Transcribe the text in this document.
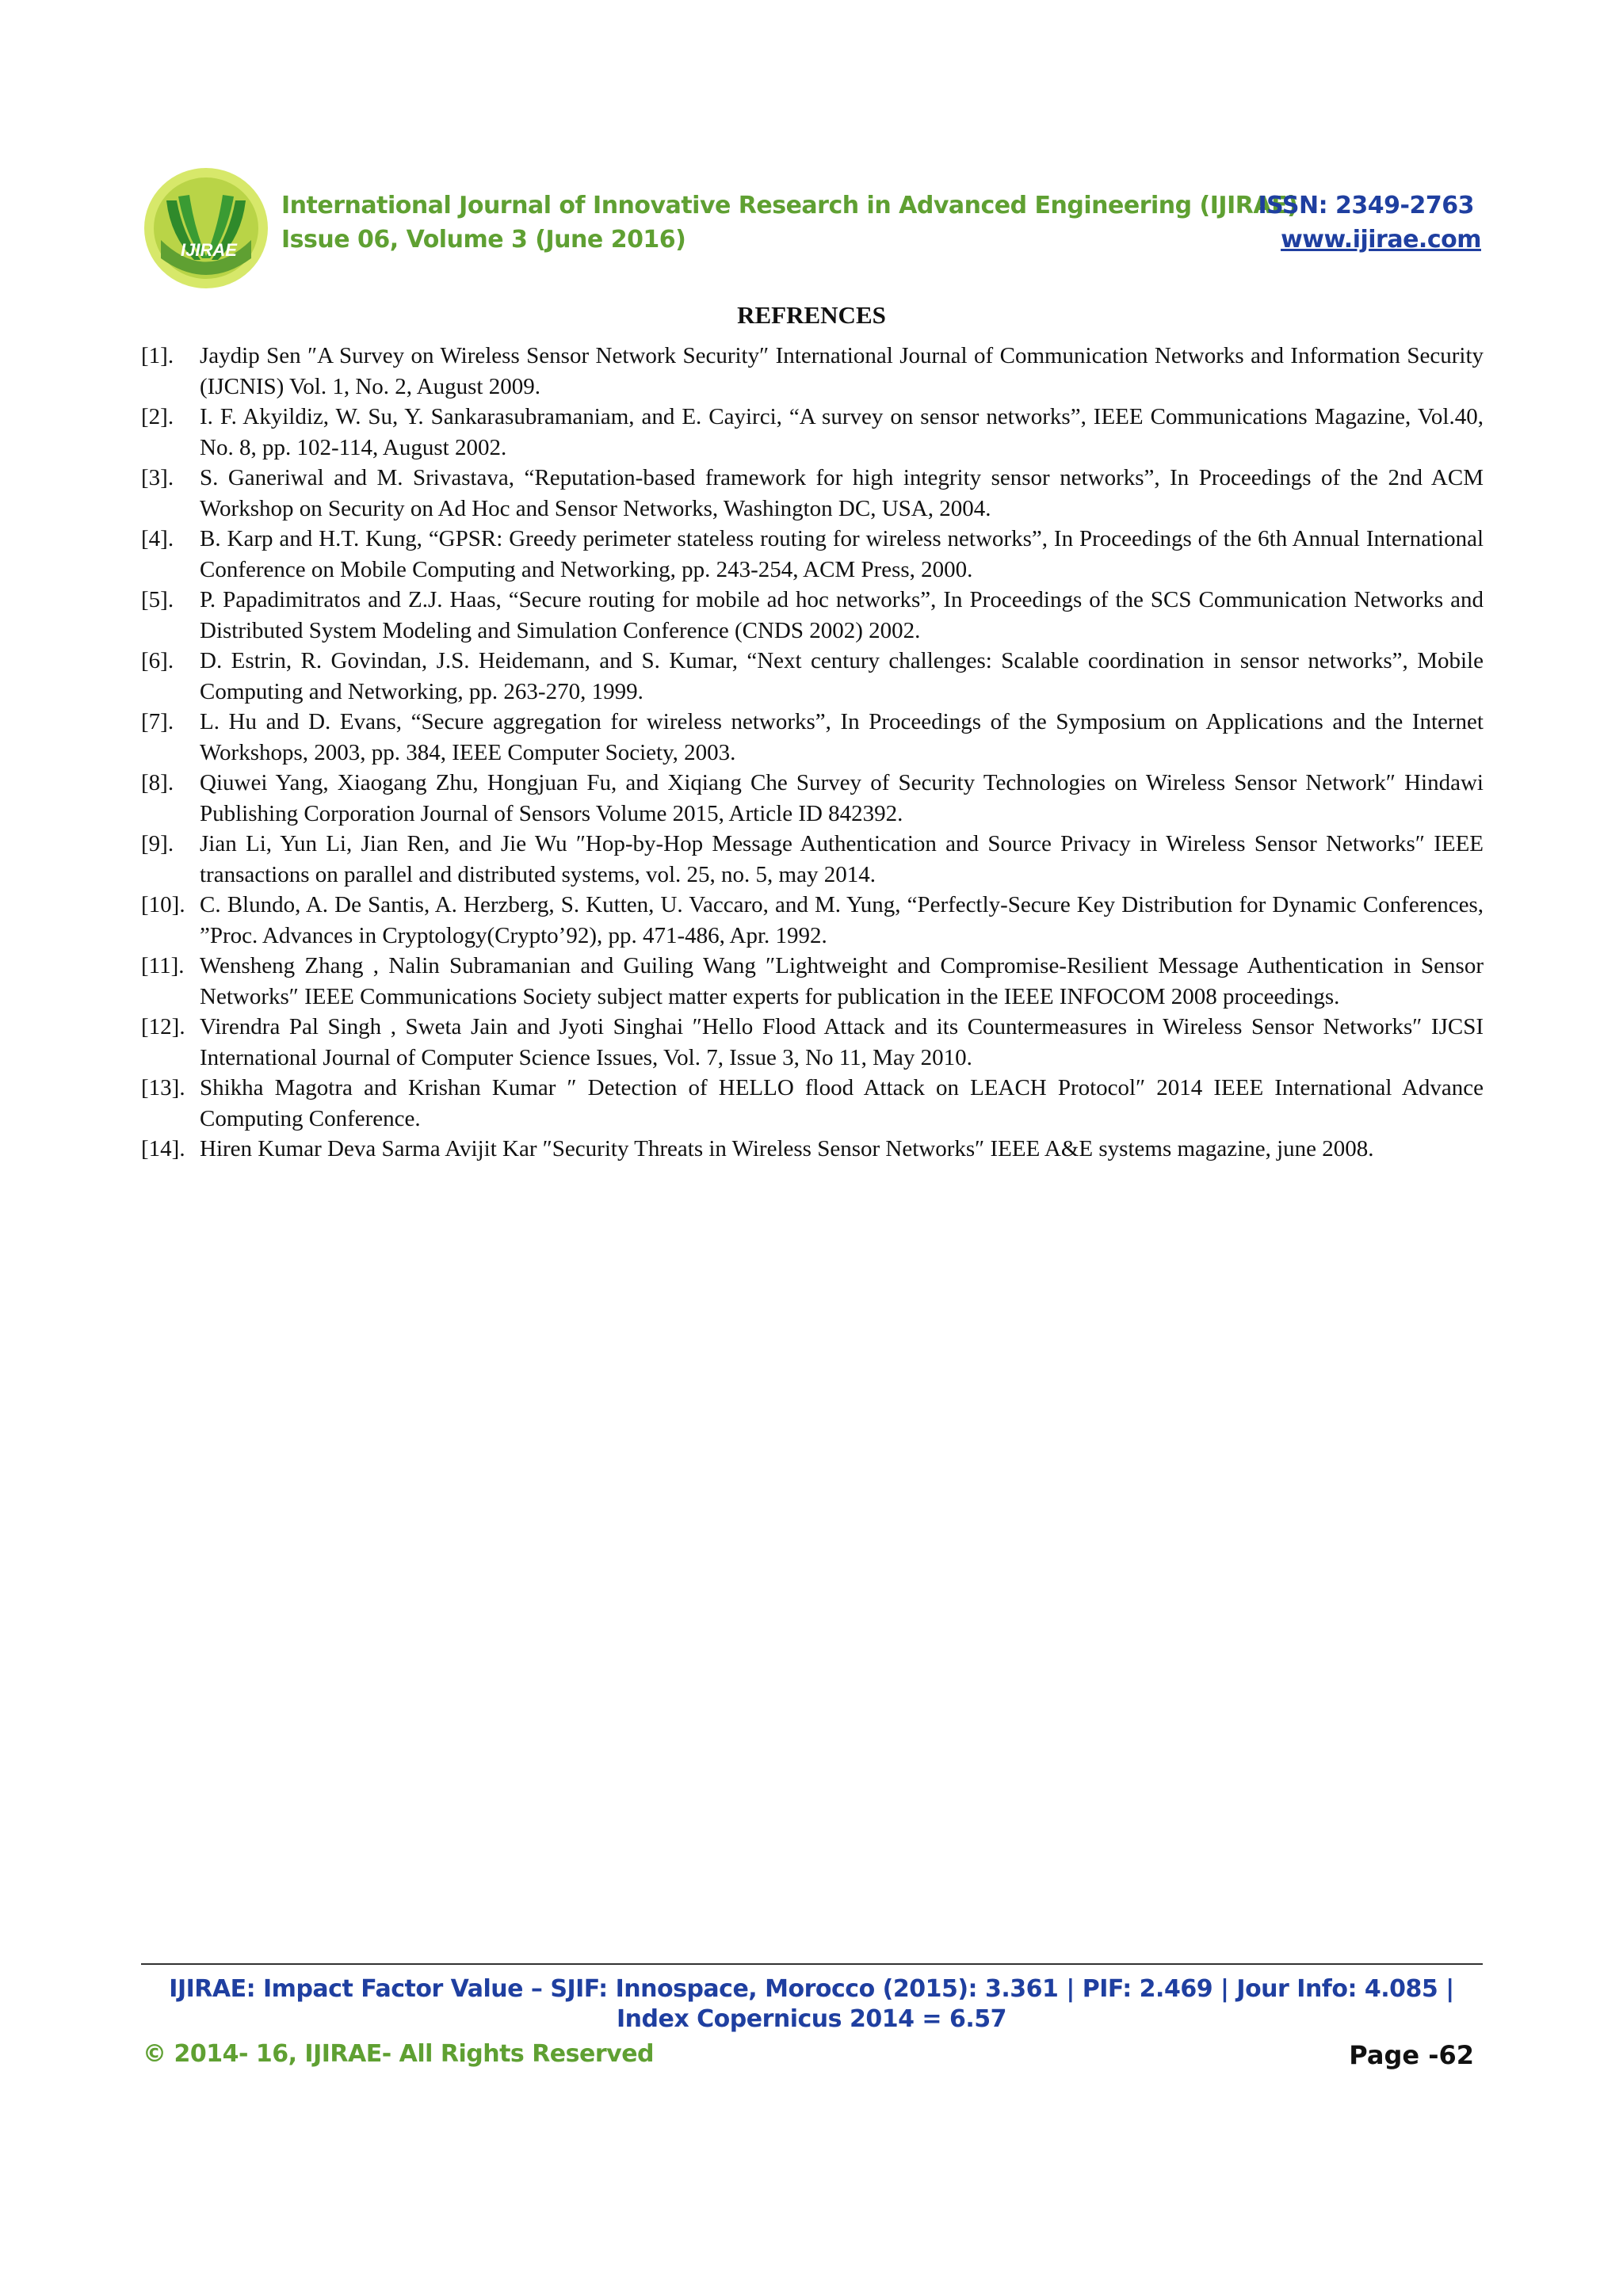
IJIRAE
International Journal of Innovative Research in Advanced Engineering (IJIRAE)
Issue 06, Volume 3 (June 2016)
ISSN: 2349-2763
www.ijirae.com
REFRENCES
[1].	Jaydip Sen ″A Survey on Wireless Sensor Network Security″ International Journal of Communication Networks and Information Security (IJCNIS) Vol. 1, No. 2, August 2009.
[2].	I. F. Akyildiz, W. Su, Y. Sankarasubramaniam, and E. Cayirci, “A survey on sensor networks”, IEEE Communications Magazine, Vol.40, No. 8, pp. 102-114, August 2002.
[3].	S. Ganeriwal and M. Srivastava, “Reputation-based framework for high integrity sensor networks”, In Proceedings of the 2nd ACM Workshop on Security on Ad Hoc and Sensor Networks, Washington DC, USA, 2004.
[4].	B. Karp and H.T. Kung, “GPSR: Greedy perimeter stateless routing for wireless networks”, In Proceedings of the 6th Annual International Conference on Mobile Computing and Networking, pp. 243-254, ACM Press, 2000.
[5].	P. Papadimitratos and Z.J. Haas, “Secure routing for mobile ad hoc networks”, In Proceedings of the SCS Communication Networks and Distributed System Modeling and Simulation Conference (CNDS 2002) 2002.
[6].	D. Estrin, R. Govindan, J.S. Heidemann, and S. Kumar, “Next century challenges: Scalable coordination in sensor networks”, Mobile Computing and Networking, pp. 263-270, 1999.
[7].	L. Hu and D. Evans, “Secure aggregation for wireless networks”, In Proceedings of the Symposium on Applications and the Internet Workshops, 2003, pp. 384, IEEE Computer Society, 2003.
[8].	Qiuwei Yang, Xiaogang Zhu, Hongjuan Fu, and Xiqiang Che Survey of Security Technologies on Wireless Sensor Network″ Hindawi Publishing Corporation Journal of Sensors Volume 2015, Article ID 842392.
[9].	Jian Li, Yun Li, Jian Ren, and Jie Wu ″Hop-by-Hop Message Authentication and Source Privacy in Wireless Sensor Networks″ IEEE transactions on parallel and distributed systems, vol. 25, no. 5, may 2014.
[10]. C. Blundo, A. De Santis, A. Herzberg, S. Kutten, U. Vaccaro, and M. Yung, “Perfectly-Secure Key Distribution for Dynamic Conferences, ”Proc. Advances in Cryptology(Crypto’92), pp. 471-486, Apr. 1992.
[11]. Wensheng Zhang , Nalin Subramanian and Guiling Wang ″Lightweight and Compromise-Resilient Message Authentication in Sensor Networks″ IEEE Communications Society subject matter experts for publication in the IEEE INFOCOM 2008 proceedings.
[12]. Virendra Pal Singh , Sweta Jain and Jyoti Singhai ″Hello Flood Attack and its Countermeasures in Wireless Sensor Networks″ IJCSI International Journal of Computer Science Issues, Vol. 7, Issue 3, No 11, May 2010.
[13]. Shikha Magotra and Krishan Kumar ″ Detection of HELLO flood Attack on LEACH Protocol″ 2014 IEEE International Advance Computing Conference.
[14]. Hiren Kumar Deva Sarma Avijit Kar ″Security Threats in Wireless Sensor Networks″ IEEE A&E systems magazine, june 2008.
IJIRAE: Impact Factor Value – SJIF: Innospace, Morocco (2015): 3.361 | PIF: 2.469 | Jour Info: 4.085 |
Index Copernicus 2014 = 6.57
© 2014- 16, IJIRAE- All Rights Reserved	Page -62
